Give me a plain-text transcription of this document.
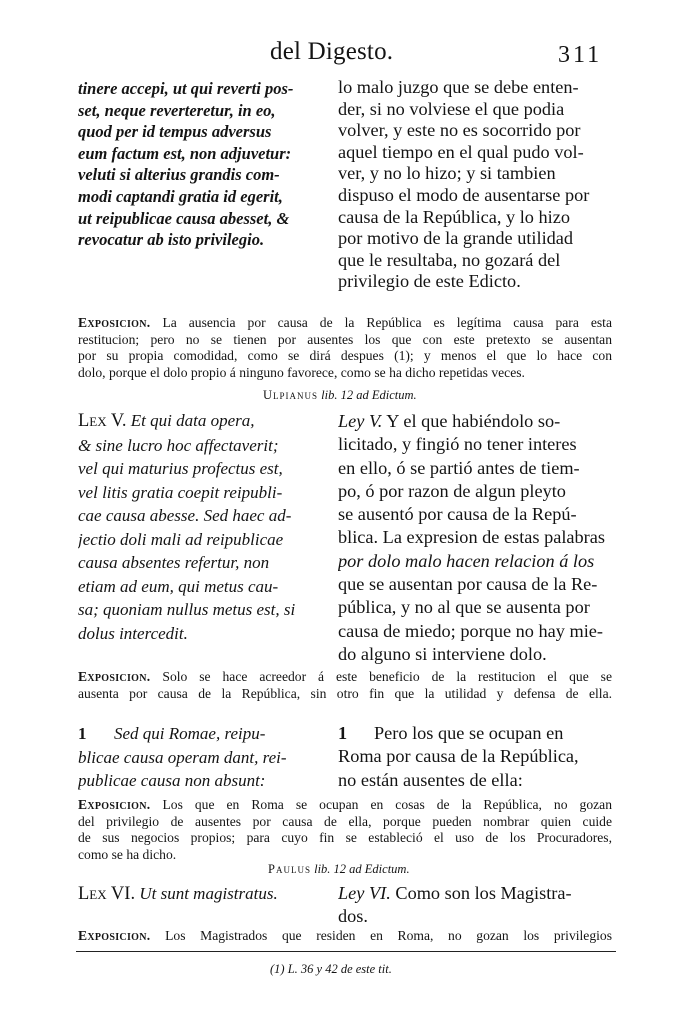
del Digesto.	311
tinere accepi, ut qui reverti pos-
set, neque reverteretur, in eo,
quod per id tempus adversus
eum factum est, non adjuvetur:
veluti si alterius grandis com-
modi captandi gratia id egerit,
ut reipublicae causa abesset, &
revocatur ab isto privilegio.
lo malo juzgo que se debe enten-
der, si no volviese el que podia
volver, y este no es socorrido por
aquel tiempo en el qual pudo vol-
ver, y no lo hizo; y si tambien
dispuso el modo de ausentarse por
causa de la República, y lo hizo
por motivo de la grande utilidad
que le resultaba, no gozará del
privilegio de este Edicto.
Exposicion. La ausencia por causa de la República es legítima causa para esta
restitucion; pero no se tienen por ausentes los que con este pretexto se ausentan
por su propia comodidad, como se dirá despues (1); y menos el que lo hace con
dolo, porque el dolo propio á ninguno favorece, como se ha dicho repetidas veces.
Ulpianus lib. 12 ad Edictum.
Lex V. Et qui data opera,
& sine lucro hoc affectaverit;
vel qui maturius profectus est,
vel litis gratia coepit reipubli-
cae causa abesse. Sed haec ad-
jectio doli mali ad reipublicae
causa absentes refertur, non
etiam ad eum, qui metus cau-
sa; quoniam nullus metus est, si
dolus intercedit.
Ley V. Y el que habiéndolo so-
licitado, y fingió no tener interes
en ello, ó se partió antes de tiem-
po, ó por razon de algun pleyto
se ausentó por causa de la Repú-
blica. La expresion de estas palabras
por dolo malo hacen relacion á los
que se ausentan por causa de la Re-
pública, y no al que se ausenta por
causa de miedo; porque no hay mie-
do alguno si interviene dolo.
Exposicion. Solo se hace acreedor á este beneficio de la restitucion el que se
ausenta por causa de la República, sin otro fin que la utilidad y defensa de ella.
1 Sed qui Romae, reipu-
blicae causa operam dant, rei-
publicae causa non absunt:
1 Pero los que se ocupan en
Roma por causa de la República,
no están ausentes de ella:
Exposicion. Los que en Roma se ocupan en cosas de la República, no gozan
del privilegio de ausentes por causa de ella, porque pueden nombrar quien cuide
de sus negocios propios; para cuyo fin se estableció el uso de los Procuradores,
como se ha dicho.
Paulus lib. 12 ad Edictum.
Lex VI. Ut sunt magistratus.	Ley VI. Como son los Magistra-
dos.
Exposicion. Los Magistrados que residen en Roma, no gozan los privilegios
(1) L. 36 y 42 de este tit.
